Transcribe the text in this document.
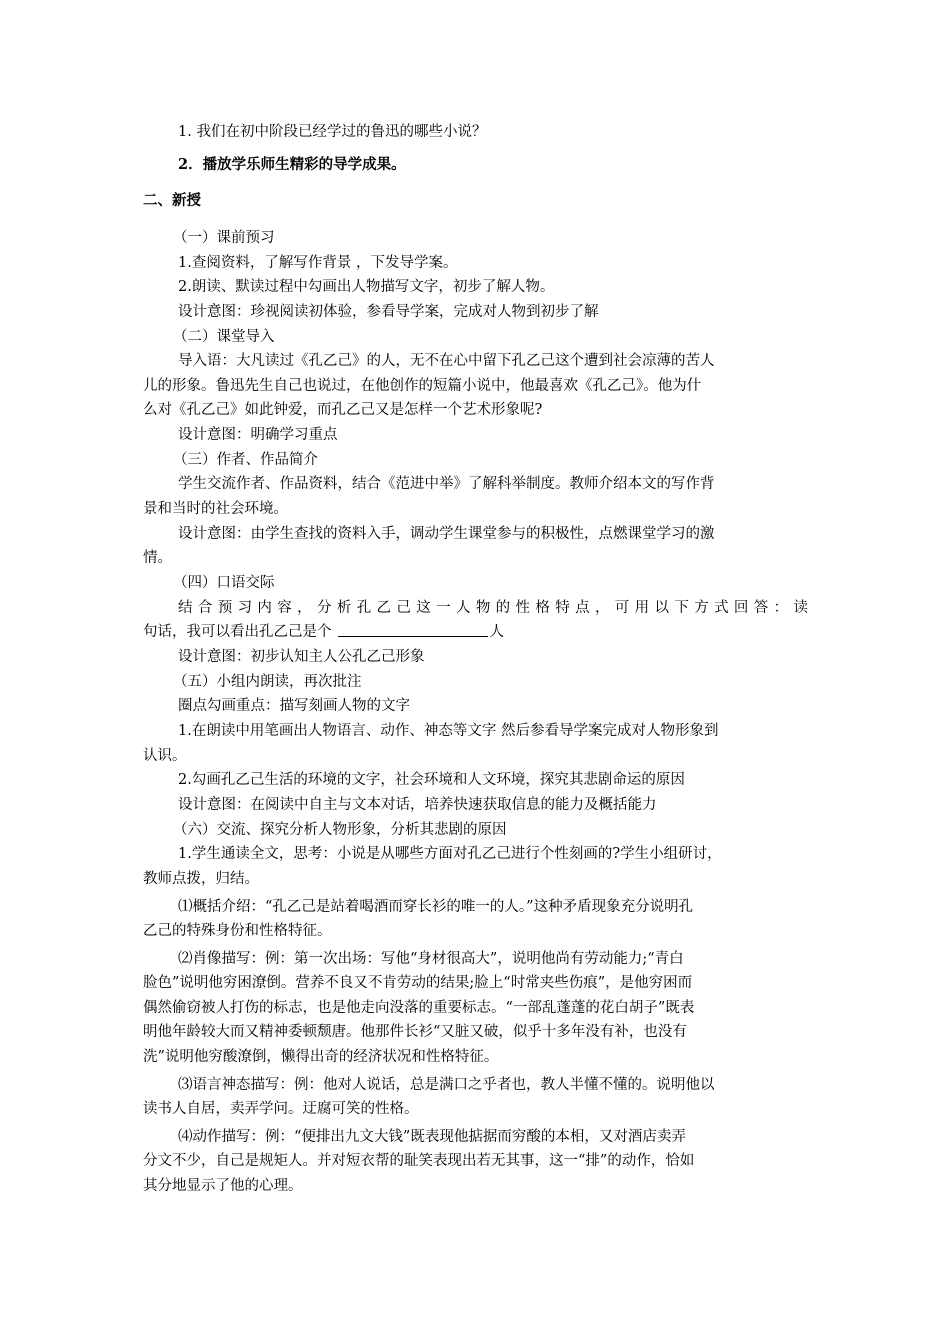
1. 我们在初中阶段已经学过的鲁迅的哪些小说？
2．播放学乐师生精彩的导学成果。
二、新授
（一）课前预习
1.查阅资料，了解写作背景 ，下发导学案。
2.朗读、默读过程中勾画出人物描写文字，初步了解人物。
设计意图：珍视阅读初体验，参看导学案，完成对人物到初步了解
（二）课堂导入
导入语：大凡读过《孔乙己》的人，无不在心中留下孔乙己这个遭到社会凉薄的苦人
儿的形象。鲁迅先生自己也说过，在他创作的短篇小说中，他最喜欢《孔乙己》。他为什
么对《孔乙己》如此钟爱，而孔乙己又是怎样一个艺术形象呢?
设计意图：明确学习重点
（三）作者、作品简介
学生交流作者、作品资料，结合《范进中举》了解科举制度。教师介绍本文的写作背
景和当时的社会环境。
设计意图：由学生查找的资料入手，调动学生课堂参与的积极性，点燃课堂学习的激
情。
（四）口语交际
结合预习内容，分析孔乙己这一人物的性格特点，可用以下方式回答：读
句话，我可以看出孔乙己是个	人
设计意图：初步认知主人公孔乙己形象
（五）小组内朗读，再次批注
圈点勾画重点：描写刻画人物的文字
1.在朗读中用笔画出人物语言、动作、神态等文字 然后参看导学案完成对人物形象到
认识。
2.勾画孔乙己生活的环境的文字，社会环境和人文环境，探究其悲剧命运的原因
设计意图：在阅读中自主与文本对话，培养快速获取信息的能力及概括能力
（六）交流、探究分析人物形象，分析其悲剧的原因
1.学生通读全文，思考：小说是从哪些方面对孔乙己进行个性刻画的?学生小组研讨，
教师点拨，归结。
⑴概括介绍：“孔乙己是站着喝酒而穿长衫的唯一的人。”这种矛盾现象充分说明孔
乙己的特殊身份和性格特征。
⑵肖像描写：例：第一次出场：写他“身材很高大”，说明他尚有劳动能力;“青白
脸色”说明他穷困潦倒。营养不良又不肯劳动的结果;脸上“时常夹些伤痕”，是他穷困而
偶然偷窃被人打伤的标志，也是他走向没落的重要标志。“一部乱蓬蓬的花白胡子”既表
明他年龄较大而又精神委顿颓唐。他那件长衫“又脏又破，似乎十多年没有补，也没有
洗”说明他穷酸潦倒，懒得出奇的经济状况和性格特征。
⑶语言神态描写：例：他对人说话，总是满口之乎者也，教人半懂不懂的。说明他以
读书人自居，卖弄学问。迂腐可笑的性格。
⑷动作描写：例：“便排出九文大钱”既表现他掂据而穷酸的本相，又对酒店卖弄
分文不少，自己是规矩人。并对短衣帮的耻笑表现出若无其事，这一“排”的动作，恰如
其分地显示了他的心理。
